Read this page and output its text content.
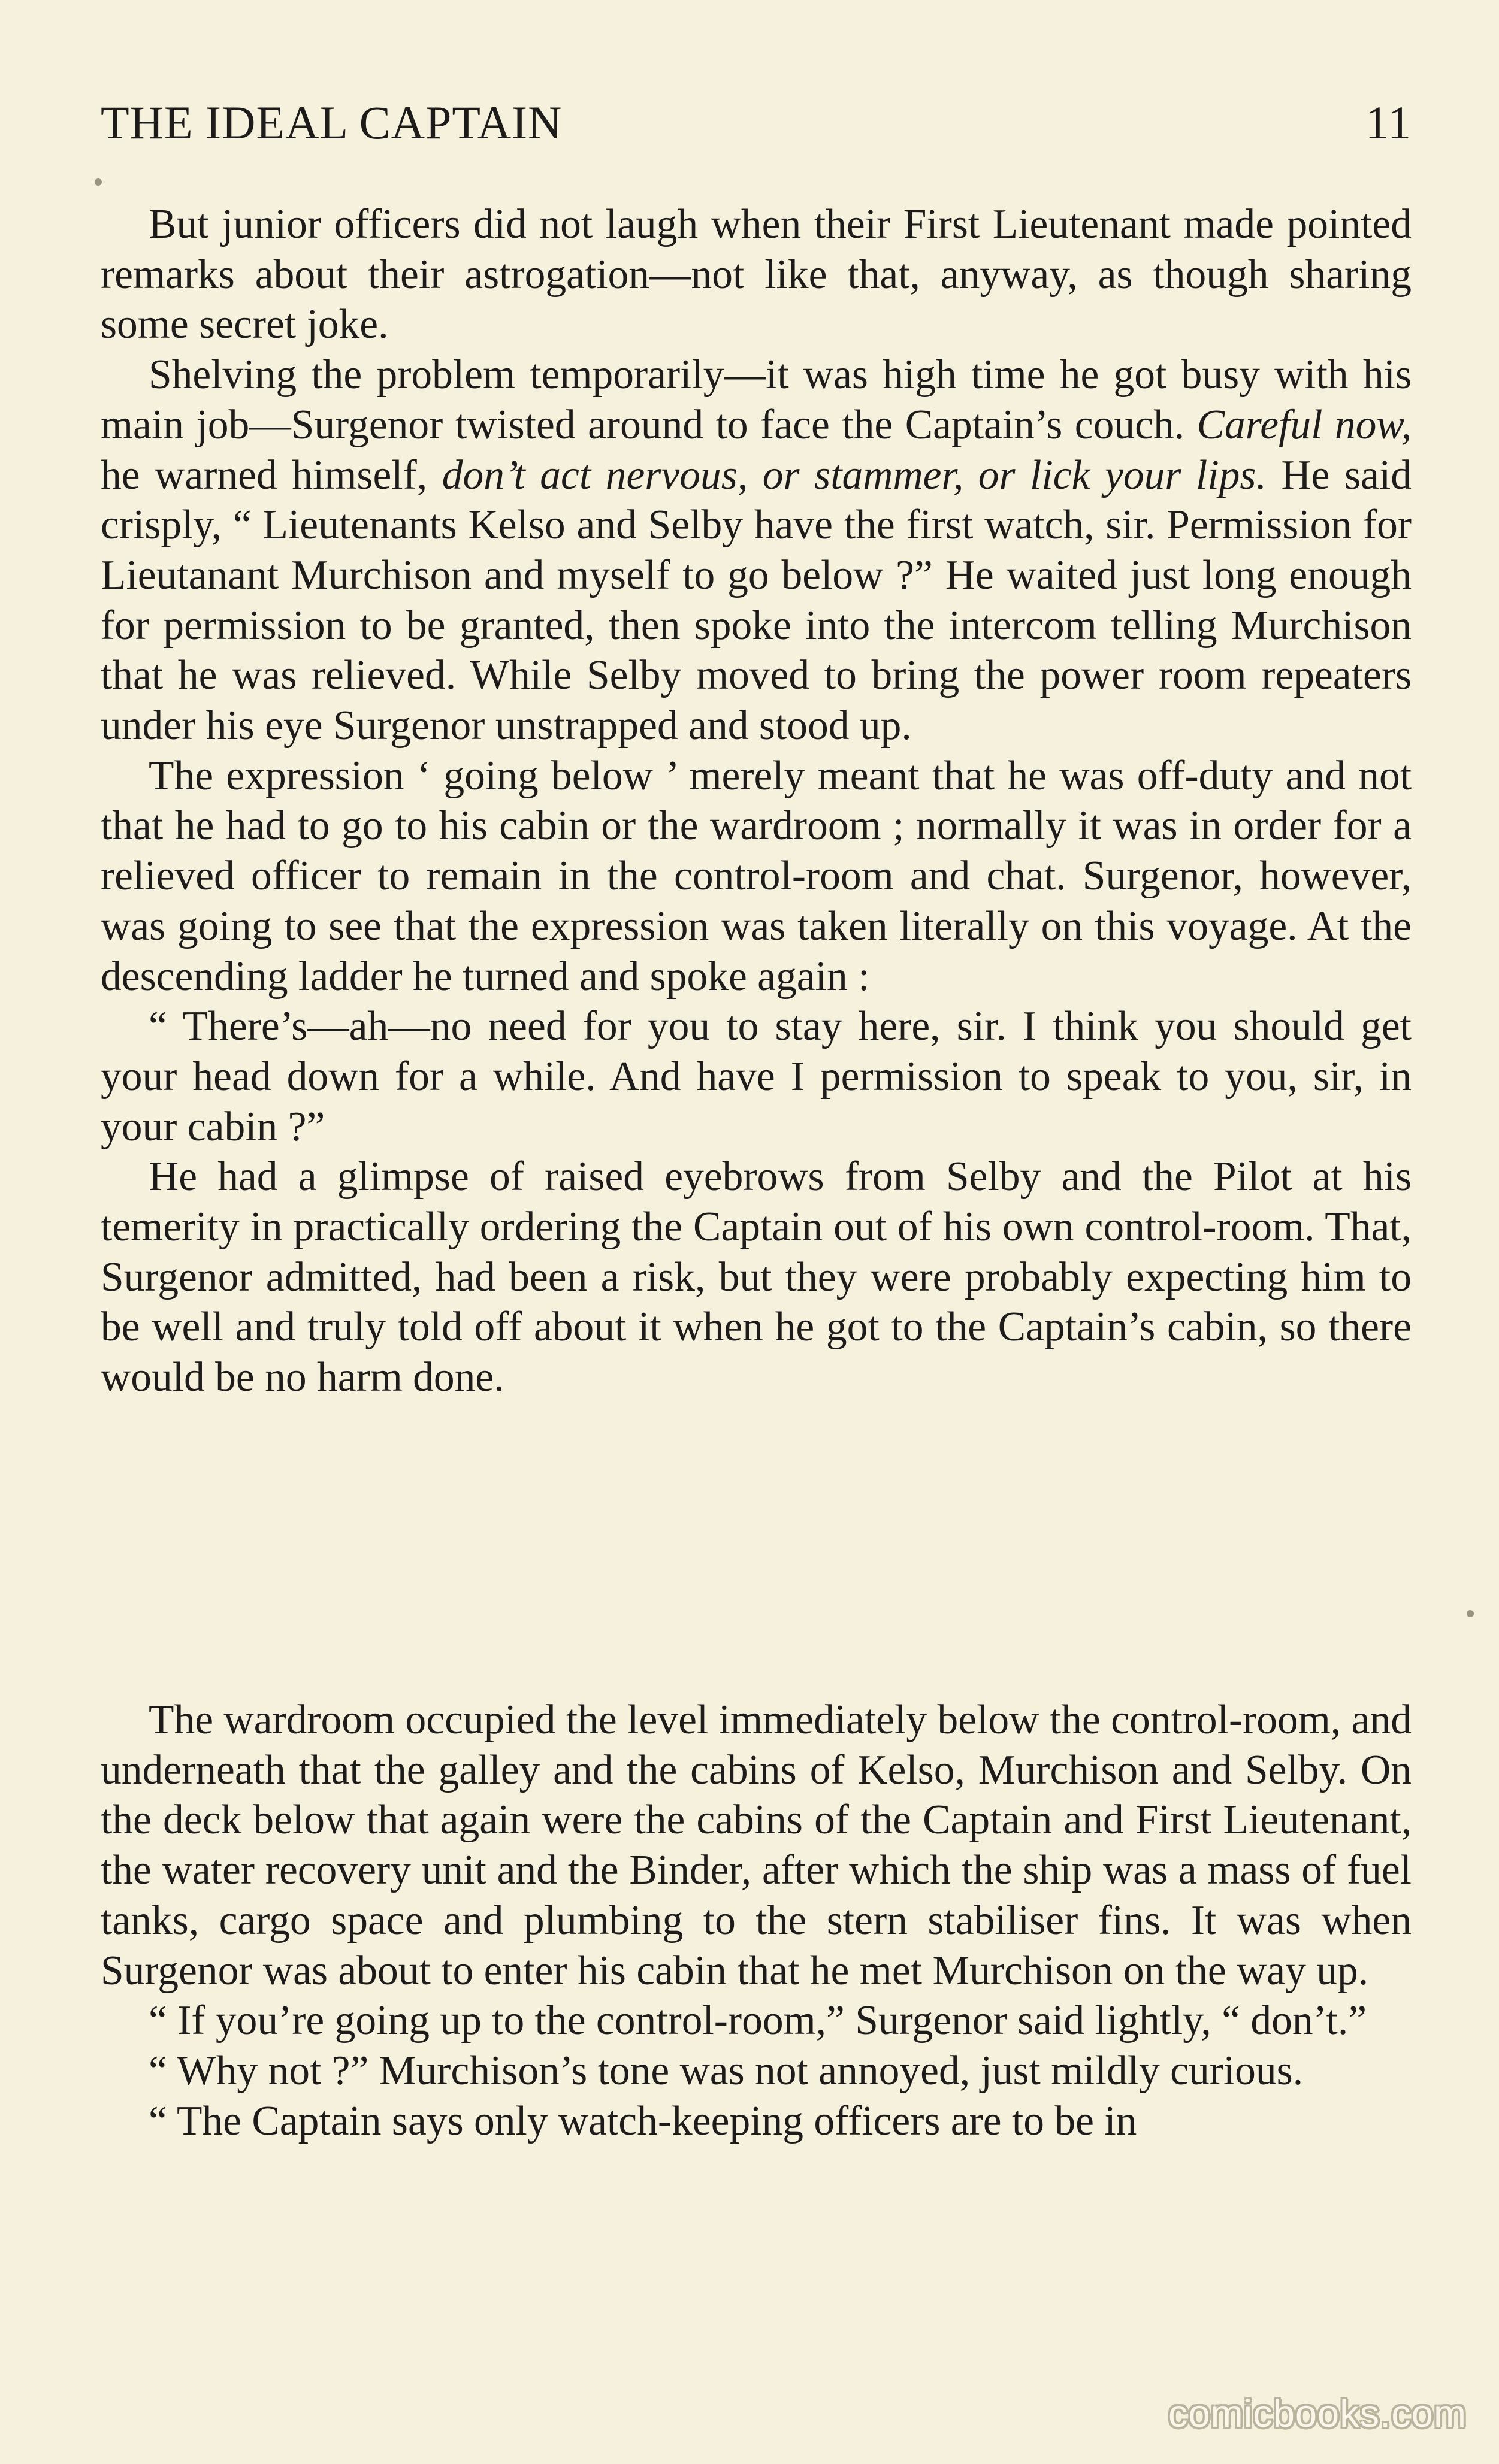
THE IDEAL CAPTAIN	11

But junior officers did not laugh when their First Lieutenant made pointed remarks about their astrogation—not like that, anyway, as though sharing some secret joke.

Shelving the problem temporarily—it was high time he got busy with his main job—Surgenor twisted around to face the Captain’s couch. Careful now, he warned himself, don’t act nervous, or stammer, or lick your lips. He said crisply, “ Lieutenants Kelso and Selby have the first watch, sir. Permission for Lieutanant Murchison and myself to go below ?” He waited just long enough for permission to be granted, then spoke into the intercom telling Murchison that he was relieved. While Selby moved to bring the power room repeaters under his eye Surgenor unstrapped and stood up.

The expression ‘ going below ’ merely meant that he was off-duty and not that he had to go to his cabin or the wardroom ; normally it was in order for a relieved officer to remain in the control-room and chat. Surgenor, however, was going to see that the expression was taken literally on this voyage. At the descending ladder he turned and spoke again :

“ There’s—ah—no need for you to stay here, sir. I think you should get your head down for a while. And have I permission to speak to you, sir, in your cabin ?”

He had a glimpse of raised eyebrows from Selby and the Pilot at his temerity in practically ordering the Captain out of his own control-room. That, Surgenor admitted, had been a risk, but they were probably expecting him to be well and truly told off about it when he got to the Captain’s cabin, so there would be no harm done.

The wardroom occupied the level immediately below the control-room, and underneath that the galley and the cabins of Kelso, Murchison and Selby. On the deck below that again were the cabins of the Captain and First Lieutenant, the water recovery unit and the Binder, after which the ship was a mass of fuel tanks, cargo space and plumbing to the stern stabiliser fins. It was when Surgenor was about to enter his cabin that he met Murchison on the way up.

“ If you’re going up to the control-room,” Surgenor said lightly, “ don’t.”

“ Why not ?” Murchison’s tone was not annoyed, just mildly curious.

“ The Captain says only watch-keeping officers are to be in

comicbooks.com
